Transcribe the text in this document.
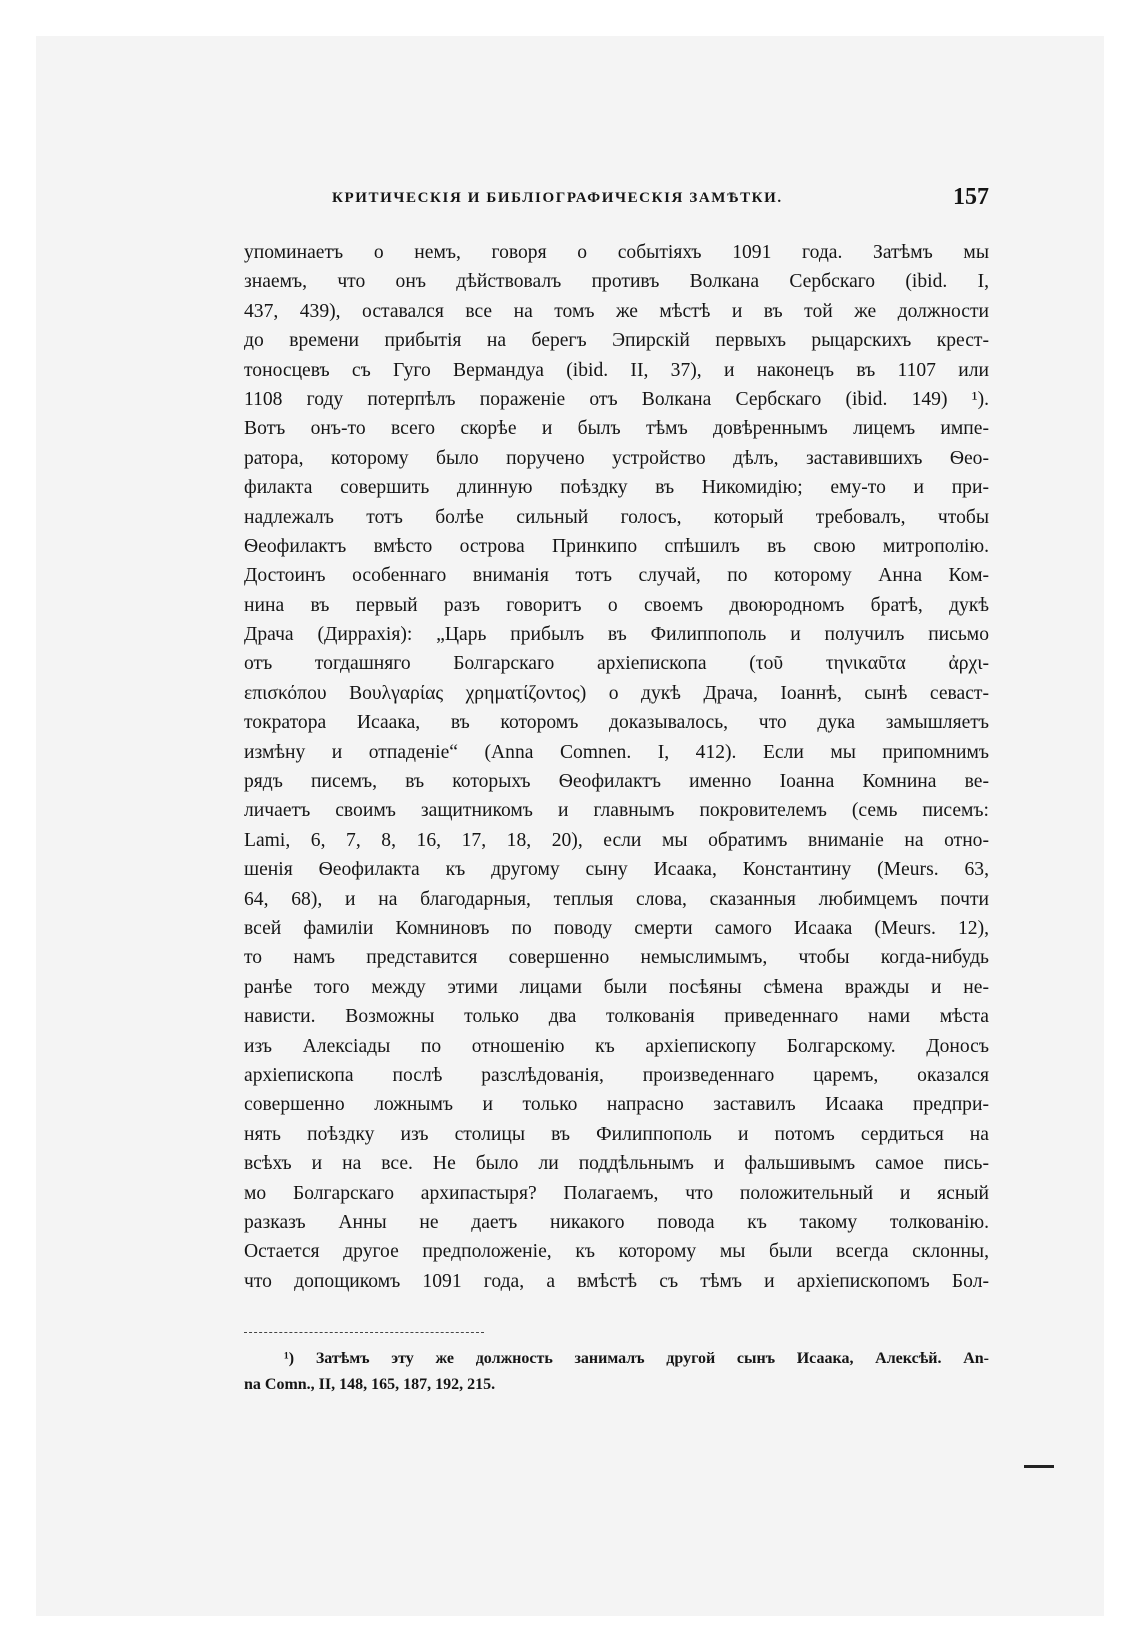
КРИТИЧЕСКІЯ И БИБЛІОГРАФИЧЕСКІЯ ЗАМѢТКИ.	157
упоминаетъ о немъ, говоря о событіяхъ 1091 года. Затѣмъ мы
знаемъ, что онъ дѣйствовалъ противъ Волкана Сербскаго (ibid. I,
437, 439), оставался все на томъ же мѣстѣ и въ той же должности
до времени прибытія на берегъ Эпирскій первыхъ рыцарскихъ крест-
тоносцевъ съ Гуго Вермандуа (ibid. II, 37), и наконецъ въ 1107 или
1108 году потерпѣлъ пораженіе отъ Волкана Сербскаго (ibid. 149) ¹).
Вотъ онъ-то всего скорѣе и былъ тѣмъ довѣреннымъ лицемъ импе-
ратора, которому было поручено устройство дѣлъ, заставившихъ Ѳео-
филакта совершить длинную поѣздку въ Никомидію; ему-то и при-
надлежалъ тотъ болѣе сильный голосъ, который требовалъ, чтобы
Ѳеофилактъ вмѣсто острова Принкипо спѣшилъ въ свою митрополію.
Достоинъ особеннаго вниманія тотъ случай, по которому Анна Ком-
нина въ первый разъ говоритъ о своемъ двоюродномъ братѣ, дукѣ
Драча (Диррахія): „Царь прибылъ въ Филиппополь и получилъ письмо
отъ тогдашняго Болгарскаго архіепископа (τοῦ τηνικαῦτα ἀρχι-
επισκόπου Βουλγαρίας χρηματίζοντος) о дукѣ Драча, Іоаннѣ, сынѣ севаст-
тократора Исаака, въ которомъ доказывалось, что дука замышляетъ
измѣну и отпаденіе“ (Anna Comnen. I, 412). Если мы припомнимъ
рядъ писемъ, въ которыхъ Ѳеофилактъ именно Іоанна Комнина ве-
личаетъ своимъ защитникомъ и главнымъ покровителемъ (семь писемъ:
Lami, 6, 7, 8, 16, 17, 18, 20), если мы обратимъ вниманіе на отно-
шенія Ѳеофилакта къ другому сыну Исаака, Константину (Meurs. 63,
64, 68), и на благодарныя, теплыя слова, сказанныя любимцемъ почти
всей фамиліи Комниновъ по поводу смерти самого Исаака (Meurs. 12),
то намъ представится совершенно немыслимымъ, чтобы когда-нибудь
ранѣе того между этими лицами были посѣяны сѣмена вражды и не-
нависти. Возможны только два толкованія приведеннаго нами мѣста
изъ Алексіады по отношенію къ архіепископу Болгарскому. Доносъ
архіепископа послѣ разслѣдованія, произведеннаго царемъ, оказался
совершенно ложнымъ и только напрасно заставилъ Исаака предпри-
нять поѣздку изъ столицы въ Филиппополь и потомъ сердиться на
всѣхъ и на все. Не было ли поддѣльнымъ и фальшивымъ самое пись-
мо Болгарскаго архипастыря? Полагаемъ, что положительный и ясный
разказъ Анны не даетъ никакого повода къ такому толкованію.
Остается другое предположеніе, къ которому мы были всегда склонны,
что допощикомъ 1091 года, а вмѣстѣ съ тѣмъ и архіепископомъ Бол-
¹) Затѣмъ эту же должность занималъ другой сынъ Исаака, Алексѣй. An-
na Comn., II, 148, 165, 187, 192, 215.
